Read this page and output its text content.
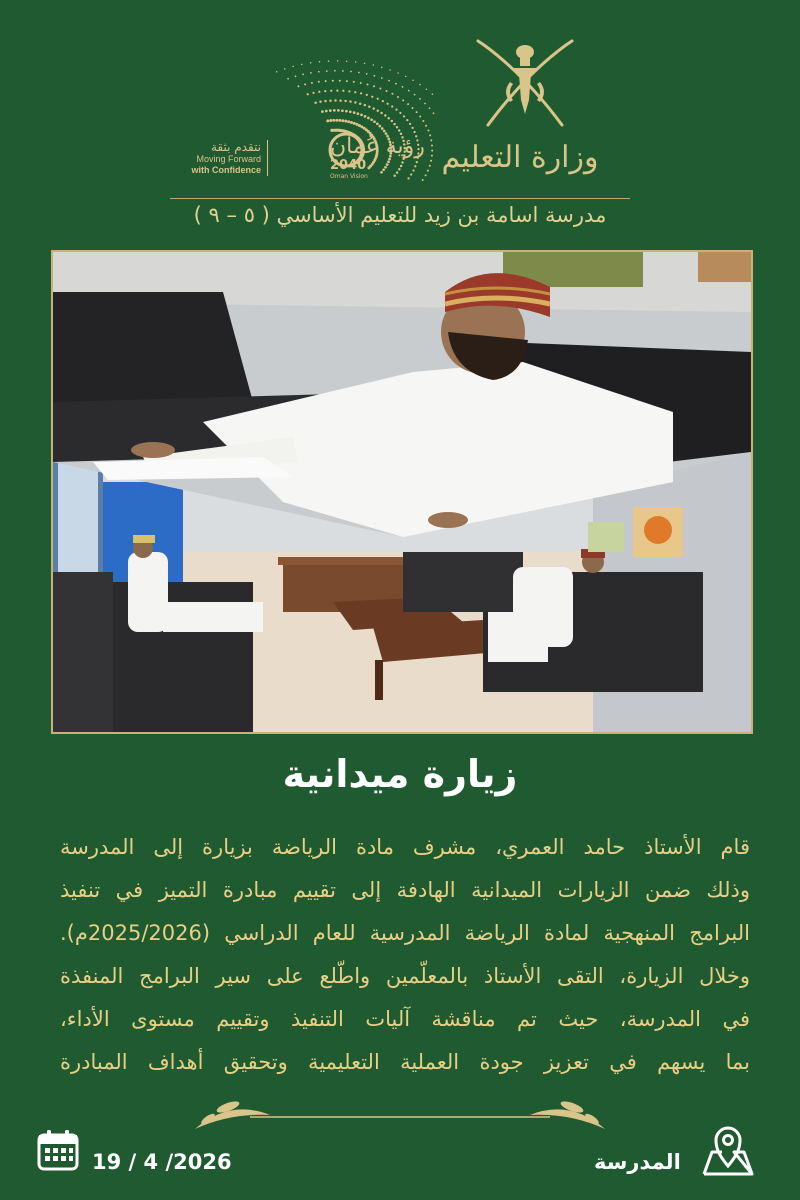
رؤية عُمان
2040
Oman Vision
نتقدم بثقة
Moving Forward
with Confidence	وزارة التعليم
مدرسة اسامة بن زيد للتعليم الأساسي ( ٥ – ٩ )
زيارة ميدانية

قام الأستاذ حامد العمري، مشرف مادة الرياضة بزيارة إلى المدرسة

وذلك ضمن الزيارات الميدانية الهادفة إلى تقييم مبادرة التميز في تنفيذ

البرامج المنهجية لمادة الرياضة المدرسية للعام الدراسي (2025/2026م).

وخلال الزيارة، التقى الأستاذ بالمعلّمين واطّلع على سير البرامج المنفذة

في المدرسة، حيث تم مناقشة آليات التنفيذ وتقييم مستوى الأداء،

بما يسهم في تعزيز جودة العملية التعليمية وتحقيق أهداف المبادرة

19 / 4 /2026	المدرسة
